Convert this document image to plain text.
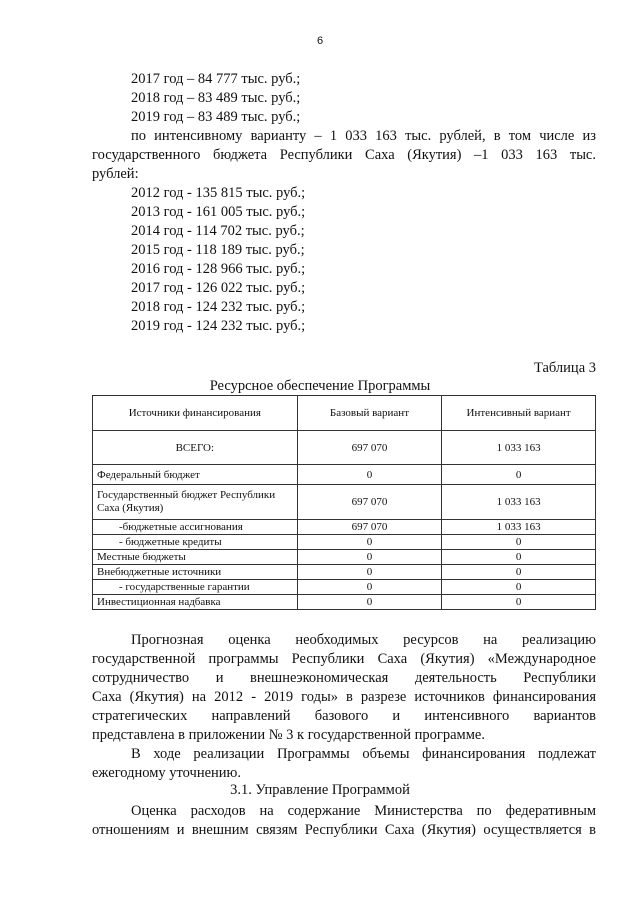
6
2017 год – 84 777 тыс. руб.;
2018 год – 83 489 тыс. руб.;
2019 год – 83 489 тыс. руб.;
по интенсивному варианту – 1 033 163 тыс. рублей, в том числе из
государственного бюджета Республики Саха (Якутия) –1 033 163 тыс.
рублей:
2012 год - 135 815 тыс. руб.;
2013 год - 161 005 тыс. руб.;
2014 год - 114 702 тыс. руб.;
2015 год - 118 189 тыс. руб.;
2016 год - 128 966 тыс. руб.;
2017 год - 126 022 тыс. руб.;
2018 год - 124 232 тыс. руб.;
2019 год - 124 232 тыс. руб.;
Таблица 3
Ресурсное обеспечение Программы
Источники финансирования	Базовый вариант	Интенсивный вариант
ВСЕГО:	697 070	1 033 163
Федеральный бюджет	0	0
Государственный бюджет Республики Саха (Якутия)	697 070	1 033 163
-бюджетные ассигнования	697 070	1 033 163
- бюджетные кредиты	0	0
Местные бюджеты	0	0
Внебюджетные источники	0	0
- государственные гарантии	0	0
Инвестиционная надбавка	0	0
Прогнозная оценка необходимых ресурсов на реализацию
государственной программы Республики Саха (Якутия) «Международное
сотрудничество и внешнеэкономическая деятельность Республики
Саха (Якутия) на 2012 - 2019 годы» в разрезе источников финансирования
стратегических направлений базового и интенсивного вариантов
представлена в приложении № 3 к государственной программе.
В ходе реализации Программы объемы финансирования подлежат
ежегодному уточнению.
3.1. Управление Программой
Оценка расходов на содержание Министерства по федеративным
отношениям и внешним связям Республики Саха (Якутия) осуществляется в
